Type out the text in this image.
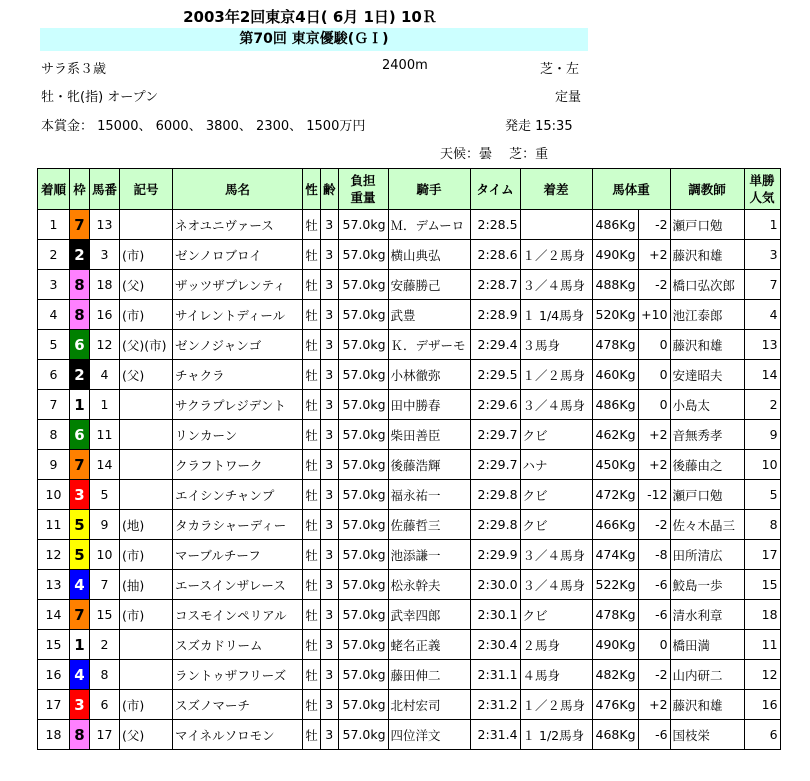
2003年2回東京4日( 6月 1日) 10Ｒ
第70回 東京優駿(ＧＩ)
サラ系３歳	2400m	芝・左
牡・牝(指) オープン	定量
本賞金： 15000、 6000、 3800、 2300、 1500万円	発走 15:35
天候：曇　 芝：重
着順	枠	馬番	記号	馬名	性	齢	負担
重量	騎手	タイム	着差	馬体重		調教師	単勝
人気
1	7	13		ネオユニヴァース	牡	3	57.0kg	Ｍ．デムーロ	2:28.5		486Kg	-2	瀬戸口勉	1
2	2	3	(市)	ゼンノロブロイ	牡	3	57.0kg	横山典弘	2:28.6	１／２馬身	490Kg	+2	藤沢和雄	3
3	8	18	(父)	ザッツザプレンティ	牡	3	57.0kg	安藤勝己	2:28.7	３／４馬身	488Kg	-2	橋口弘次郎	7
4	8	16	(市)	サイレントディール	牡	3	57.0kg	武豊	2:28.9	１ 1/4馬身	520Kg	+10	池江泰郎	4
5	6	12	(父)(市)	ゼンノジャンゴ	牡	3	57.0kg	Ｋ．デザーモ	2:29.4	３馬身	478Kg	0	藤沢和雄	13
6	2	4	(父)	チャクラ	牡	3	57.0kg	小林徹弥	2:29.5	１／２馬身	460Kg	0	安達昭夫	14
7	1	1		サクラプレジデント	牡	3	57.0kg	田中勝春	2:29.6	３／４馬身	486Kg	0	小島太	2
8	6	11		リンカーン	牡	3	57.0kg	柴田善臣	2:29.7	クビ	462Kg	+2	音無秀孝	9
9	7	14		クラフトワーク	牡	3	57.0kg	後藤浩輝	2:29.7	ハナ	450Kg	+2	後藤由之	10
10	3	5		エイシンチャンプ	牡	3	57.0kg	福永祐一	2:29.8	クビ	472Kg	-12	瀬戸口勉	5
11	5	9	(地)	タカラシャーディー	牡	3	57.0kg	佐藤哲三	2:29.8	クビ	466Kg	-2	佐々木晶三	8
12	5	10	(市)	マーブルチーフ	牡	3	57.0kg	池添謙一	2:29.9	３／４馬身	474Kg	-8	田所清広	17
13	4	7	(抽)	エースインザレース	牡	3	57.0kg	松永幹夫	2:30.0	３／４馬身	522Kg	-6	鮫島一歩	15
14	7	15	(市)	コスモインペリアル	牡	3	57.0kg	武幸四郎	2:30.1	クビ	478Kg	-6	清水利章	18
15	1	2		スズカドリーム	牡	3	57.0kg	蛯名正義	2:30.4	２馬身	490Kg	0	橋田満	11
16	4	8		ラントゥザフリーズ	牡	3	57.0kg	藤田伸二	2:31.1	４馬身	482Kg	-2	山内研二	12
17	3	6	(市)	スズノマーチ	牡	3	57.0kg	北村宏司	2:31.2	１／２馬身	476Kg	+2	藤沢和雄	16
18	8	17	(父)	マイネルソロモン	牡	3	57.0kg	四位洋文	2:31.4	１ 1/2馬身	468Kg	-6	国枝栄	6
